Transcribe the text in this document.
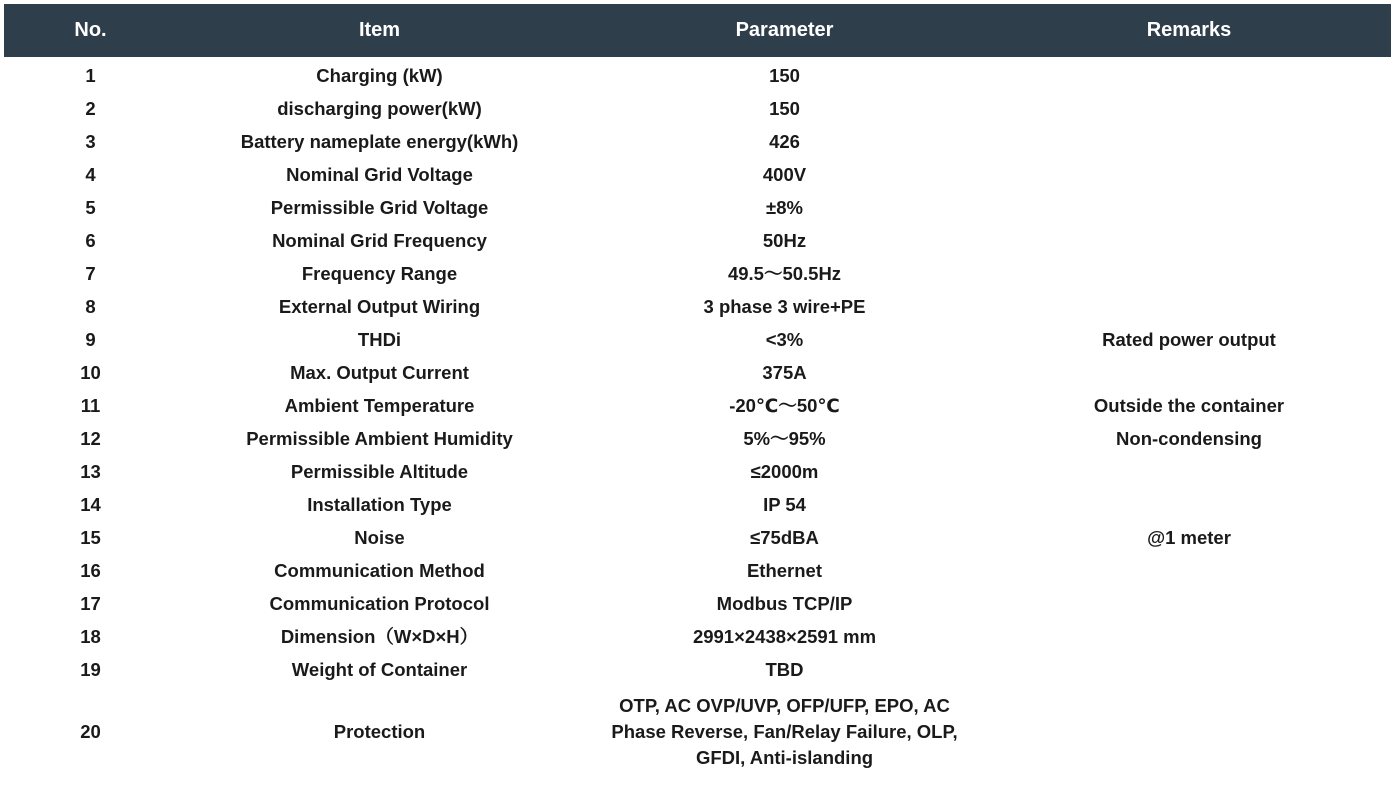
No.	Item	Parameter	Remarks
1	Charging (kW)	150	
2	discharging power(kW)	150	
3	Battery nameplate energy(kWh)	426	
4	Nominal Grid Voltage	400V	
5	Permissible Grid Voltage	±8%	
6	Nominal Grid Frequency	50Hz	
7	Frequency Range	49.5～50.5Hz	
8	External Output Wiring	3 phase 3 wire+PE	
9	THDi	<3%	Rated power output
10	Max. Output Current	375A	
11	Ambient Temperature	-20℃～50℃	Outside the container
12	Permissible Ambient Humidity	5%～95%	Non-condensing
13	Permissible Altitude	≤2000m	
14	Installation Type	IP 54	
15	Noise	≤75dBA	@1 meter
16	Communication Method	Ethernet	
17	Communication Protocol	Modbus TCP/IP	
18	Dimension（W×D×H）	2991×2438×2591 mm	
19	Weight of Container	TBD	
20	Protection	OTP, AC OVP/UVP, OFP/UFP, EPO, AC Phase Reverse, Fan/Relay Failure, OLP, GFDI, Anti-islanding	
